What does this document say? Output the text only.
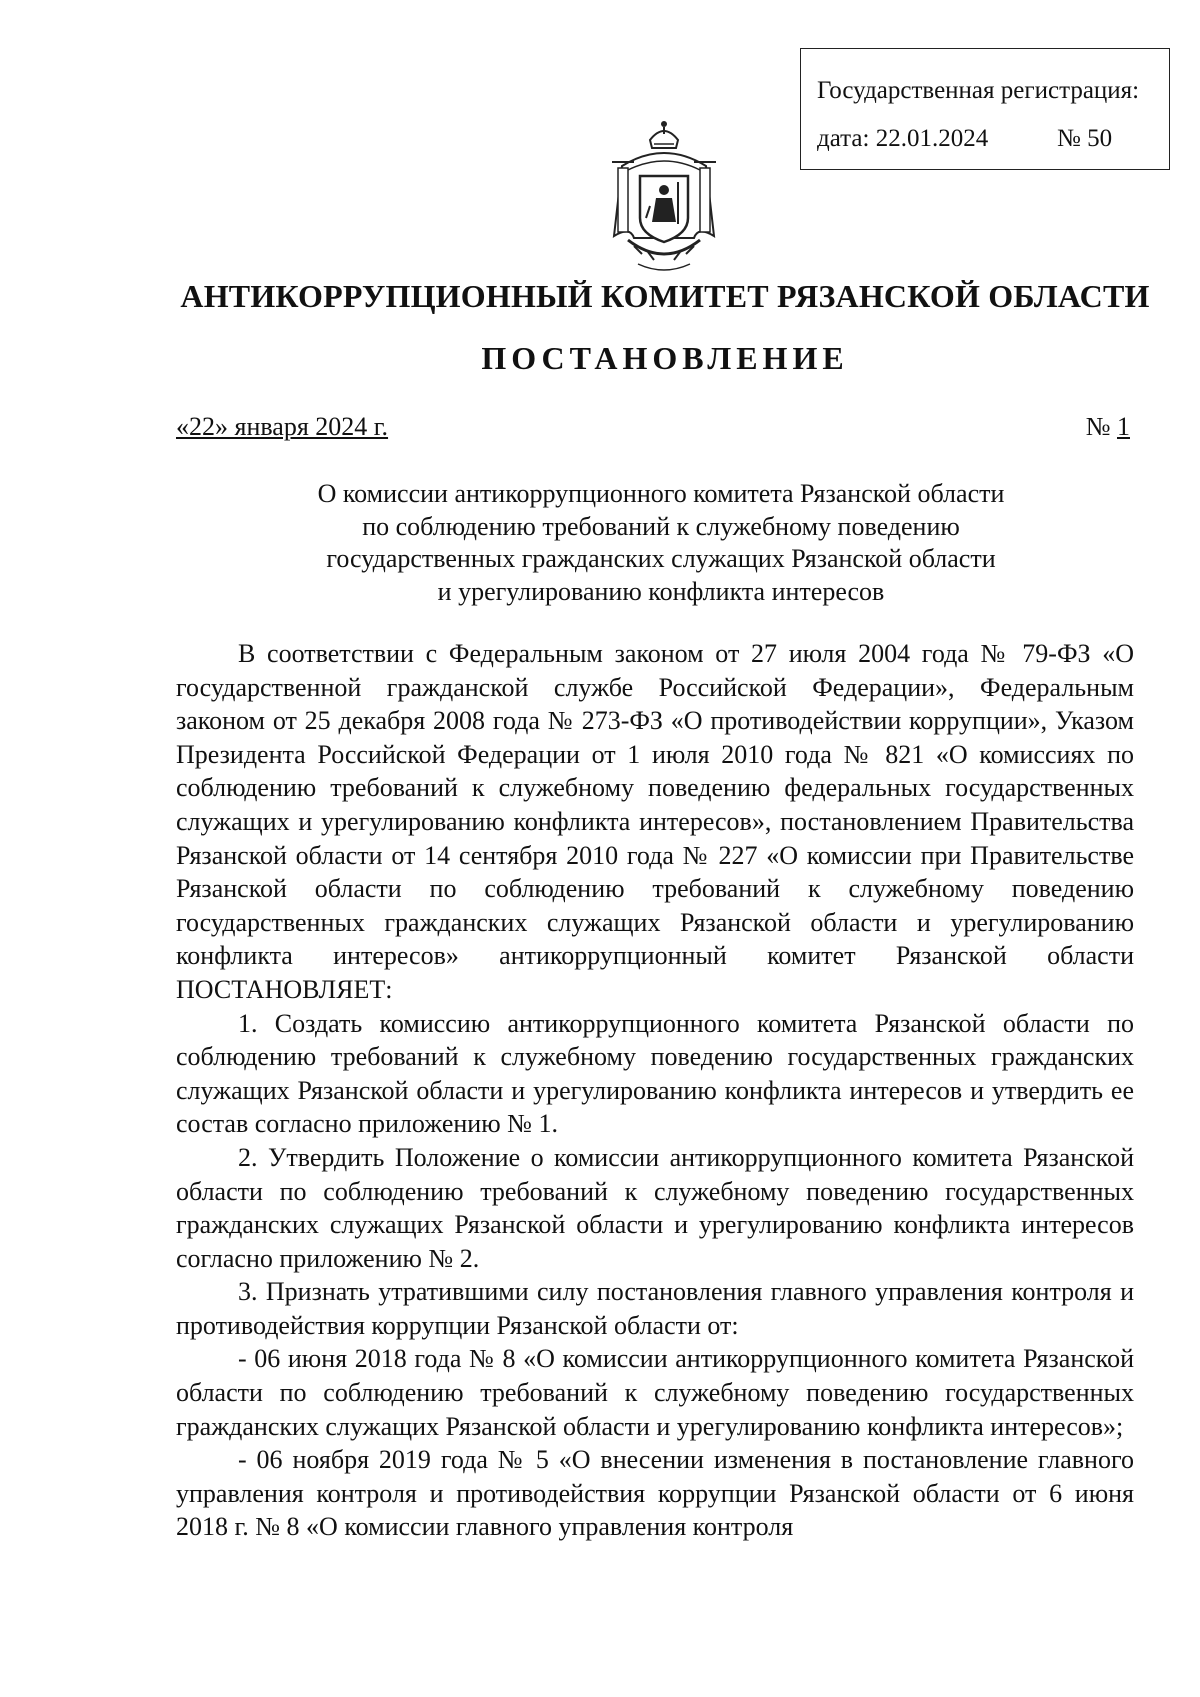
Государственная регистрация:
дата: 22.01.2024	№ 50
АНТИКОРРУПЦИОННЫЙ КОМИТЕТ РЯЗАНСКОЙ ОБЛАСТИ
ПОСТАНОВЛЕНИЕ
«22» января 2024 г.	№ 1
О комиссии антикоррупционного комитета Рязанской области
по соблюдению требований к служебному поведению
государственных гражданских служащих Рязанской области
и урегулированию конфликта интересов

В соответствии с Федеральным законом от 27 июля 2004 года № 79-ФЗ «О государственной гражданской службе Российской Федерации», Федеральным законом от 25 декабря 2008 года № 273-ФЗ «О противодействии коррупции», Указом Президента Российской Федерации от 1 июля 2010 года № 821 «О комиссиях по соблюдению требований к служебному поведению федеральных государственных служащих и урегулированию конфликта интересов», постановлением Правительства Рязанской области от 14 сентября 2010 года № 227 «О комиссии при Правительстве Рязанской области по соблюдению требований к служебному поведению государственных гражданских служащих Рязанской области и урегулированию конфликта интересов» антикоррупционный комитет Рязанской области ПОСТАНОВЛЯЕТ:

1. Создать комиссию антикоррупционного комитета Рязанской области по соблюдению требований к служебному поведению государственных гражданских служащих Рязанской области и урегулированию конфликта интересов и утвердить ее состав согласно приложению № 1.

2. Утвердить Положение о комиссии антикоррупционного комитета Рязанской области по соблюдению требований к служебному поведению государственных гражданских служащих Рязанской области и урегулированию конфликта интересов согласно приложению № 2.

3. Признать утратившими силу постановления главного управления контроля и противодействия коррупции Рязанской области от:

- 06 июня 2018 года № 8 «О комиссии антикоррупционного комитета Рязанской области по соблюдению требований к служебному поведению государственных гражданских служащих Рязанской области и урегулированию конфликта интересов»;

- 06 ноября 2019 года № 5 «О внесении изменения в постановление главного управления контроля и противодействия коррупции Рязанской области от 6 июня 2018 г. № 8 «О комиссии главного управления контроля
